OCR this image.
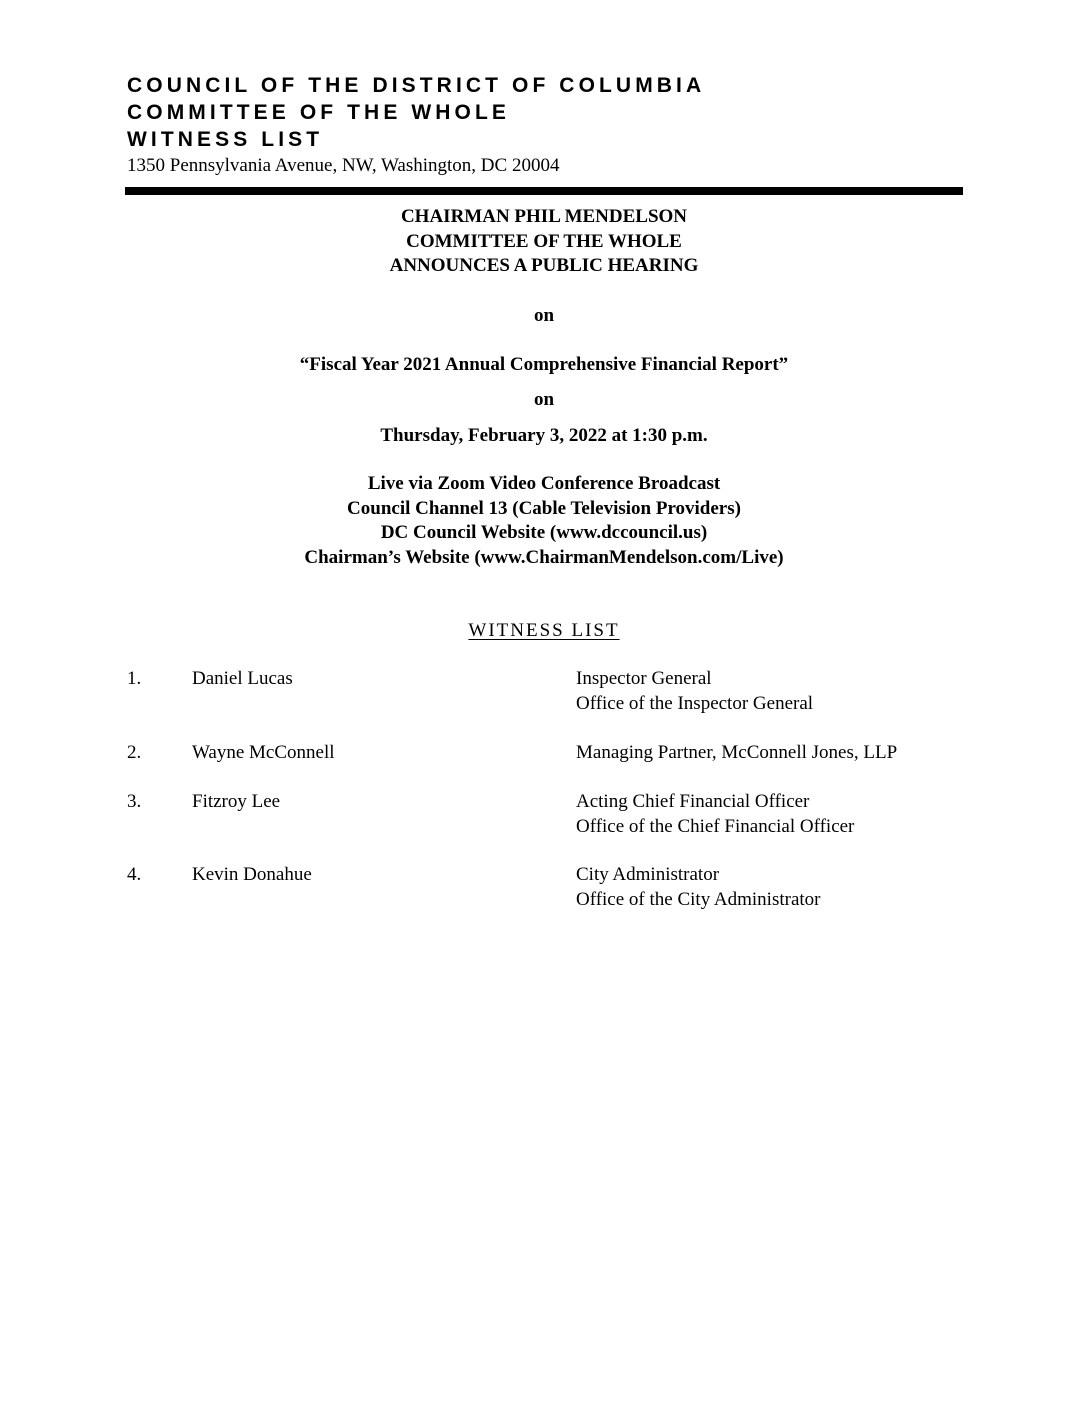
COUNCIL OF THE DISTRICT OF COLUMBIA
COMMITTEE OF THE WHOLE
WITNESS LIST
1350 Pennsylvania Avenue, NW, Washington, DC 20004
CHAIRMAN PHIL MENDELSON
COMMITTEE OF THE WHOLE
ANNOUNCES A PUBLIC HEARING
on
“Fiscal Year 2021 Annual Comprehensive Financial Report”
on
Thursday, February 3, 2022 at 1:30 p.m.
Live via Zoom Video Conference Broadcast
Council Channel 13 (Cable Television Providers)
DC Council Website (www.dccouncil.us)
Chairman’s Website (www.ChairmanMendelson.com/Live)
WITNESS LIST
1.	Daniel Lucas	Inspector General
Office of the Inspector General
2.	Wayne McConnell	Managing Partner, McConnell Jones, LLP
3.	Fitzroy Lee	Acting Chief Financial Officer
Office of the Chief Financial Officer
4.	Kevin Donahue	City Administrator
Office of the City Administrator
